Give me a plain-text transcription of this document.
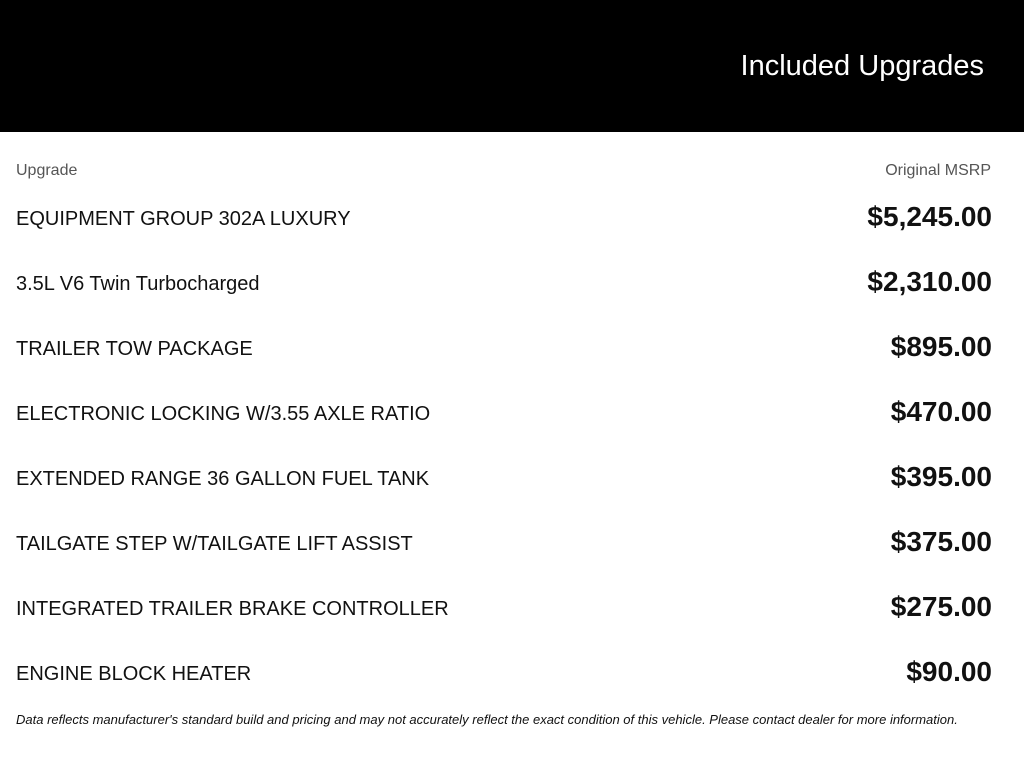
Included Upgrades
Upgrade	Original MSRP
EQUIPMENT GROUP 302A LUXURY	$5,245.00
3.5L V6 Twin Turbocharged	$2,310.00
TRAILER TOW PACKAGE	$895.00
ELECTRONIC LOCKING W/3.55 AXLE RATIO	$470.00
EXTENDED RANGE 36 GALLON FUEL TANK	$395.00
TAILGATE STEP W/TAILGATE LIFT ASSIST	$375.00
INTEGRATED TRAILER BRAKE CONTROLLER	$275.00
ENGINE BLOCK HEATER	$90.00

Data reflects manufacturer's standard build and pricing and may not accurately reflect the exact condition of this vehicle. Please contact dealer for more information.
